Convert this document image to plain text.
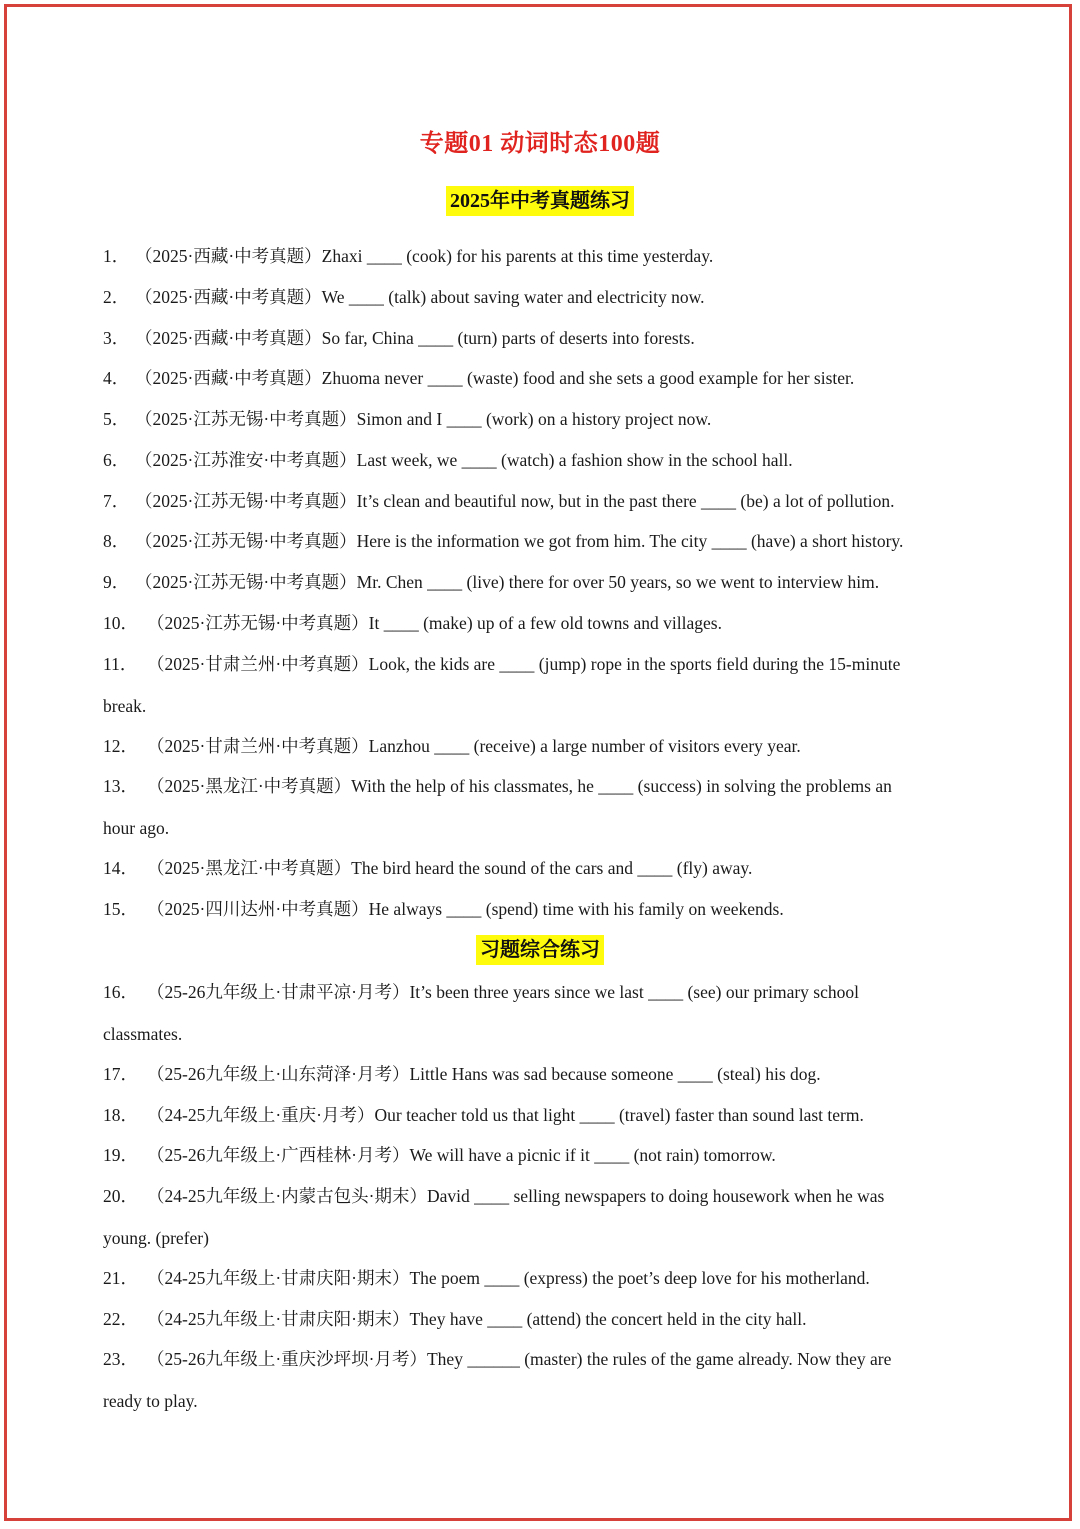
专题01 动词时态100题
2025年中考真题练习
习题综合练习
1． （2025·西藏·中考真题）Zhaxi ____ (cook) for his parents at this time yesterday.
2． （2025·西藏·中考真题）We ____ (talk) about saving water and electricity now.
3． （2025·西藏·中考真题）So far, China ____ (turn) parts of deserts into forests.
4． （2025·西藏·中考真题）Zhuoma never ____ (waste) food and she sets a good example for her sister.
5． （2025·江苏无锡·中考真题）Simon and I ____ (work) on a history project now.
6． （2025·江苏淮安·中考真题）Last week, we ____ (watch) a fashion show in the school hall.
7． （2025·江苏无锡·中考真题）It’s clean and beautiful now, but in the past there ____ (be) a lot of pollution.
8． （2025·江苏无锡·中考真题）Here is the information we got from him. The city ____ (have) a short history.
9． （2025·江苏无锡·中考真题）Mr. Chen ____ (live) there for over 50 years, so we went to interview him.
10． （2025·江苏无锡·中考真题）It ____ (make) up of a few old towns and villages.
11． （2025·甘肃兰州·中考真题）Look, the kids are ____ (jump) rope in the sports field during the 15-minute
break.
12． （2025·甘肃兰州·中考真题）Lanzhou ____ (receive) a large number of visitors every year.
13． （2025·黑龙江·中考真题）With the help of his classmates, he ____ (success) in solving the problems an
hour ago.
14． （2025·黑龙江·中考真题）The bird heard the sound of the cars and ____ (fly) away.
15． （2025·四川达州·中考真题）He always ____ (spend) time with his family on weekends.
16． （25-26九年级上·甘肃平凉·月考）It’s been three years since we last ____ (see) our primary school
classmates.
17． （25-26九年级上·山东菏泽·月考）Little Hans was sad because someone ____ (steal) his dog.
18． （24-25九年级上·重庆·月考）Our teacher told us that light ____ (travel) faster than sound last term.
19． （25-26九年级上·广西桂林·月考）We will have a picnic if it ____ (not rain) tomorrow.
20． （24-25九年级上·内蒙古包头·期末）David ____ selling newspapers to doing housework when he was
young. (prefer)
21． （24-25九年级上·甘肃庆阳·期末）The poem ____ (express) the poet’s deep love for his motherland.
22． （24-25九年级上·甘肃庆阳·期末）They have ____ (attend) the concert held in the city hall.
23． （25-26九年级上·重庆沙坪坝·月考）They ______ (master) the rules of the game already. Now they are
ready to play.
